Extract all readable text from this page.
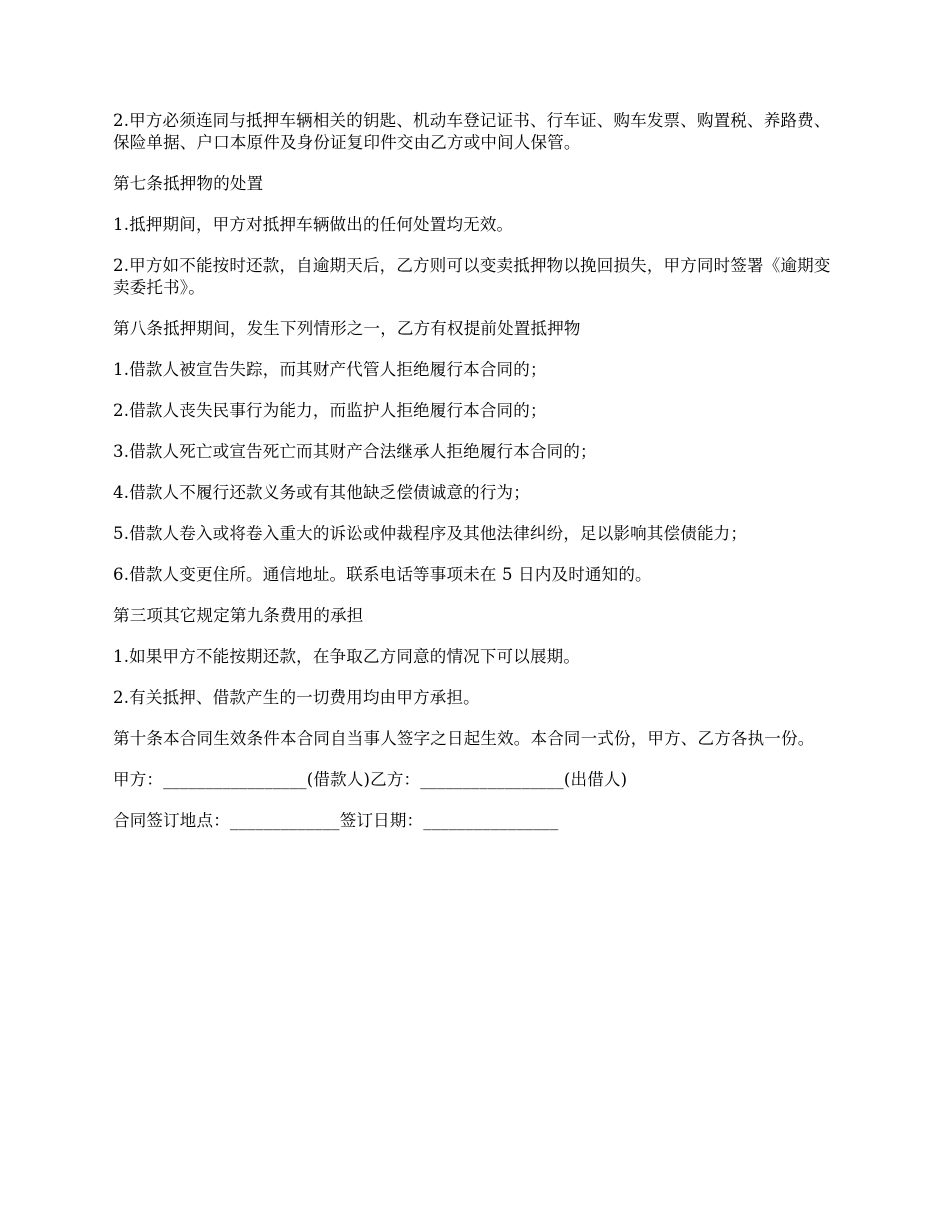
2.甲方必须连同与抵押车辆相关的钥匙、机动车登记证书、行车证、购车发票、购置税、养路费、保险单据、户口本原件及身份证复印件交由乙方或中间人保管。

第七条抵押物的处置

1.抵押期间，甲方对抵押车辆做出的任何处置均无效。

2.甲方如不能按时还款，自逾期天后，乙方则可以变卖抵押物以挽回损失，甲方同时签署《逾期变卖委托书》。

第八条抵押期间，发生下列情形之一，乙方有权提前处置抵押物

1.借款人被宣告失踪，而其财产代管人拒绝履行本合同的；

2.借款人丧失民事行为能力，而监护人拒绝履行本合同的；

3.借款人死亡或宣告死亡而其财产合法继承人拒绝履行本合同的；

4.借款人不履行还款义务或有其他缺乏偿债诚意的行为；

5.借款人卷入或将卷入重大的诉讼或仲裁程序及其他法律纠纷，足以影响其偿债能力；

6.借款人变更住所。通信地址。联系电话等事项未在 5 日内及时通知的。

第三项其它规定第九条费用的承担

1.如果甲方不能按期还款，在争取乙方同意的情况下可以展期。

2.有关抵押、借款产生的一切费用均由甲方承担。

第十条本合同生效条件本合同自当事人签字之日起生效。本合同一式份，甲方、乙方各执一份。

甲方：_________________(借款人)乙方：_________________(出借人)

合同签订地点：_____________签订日期：________________
